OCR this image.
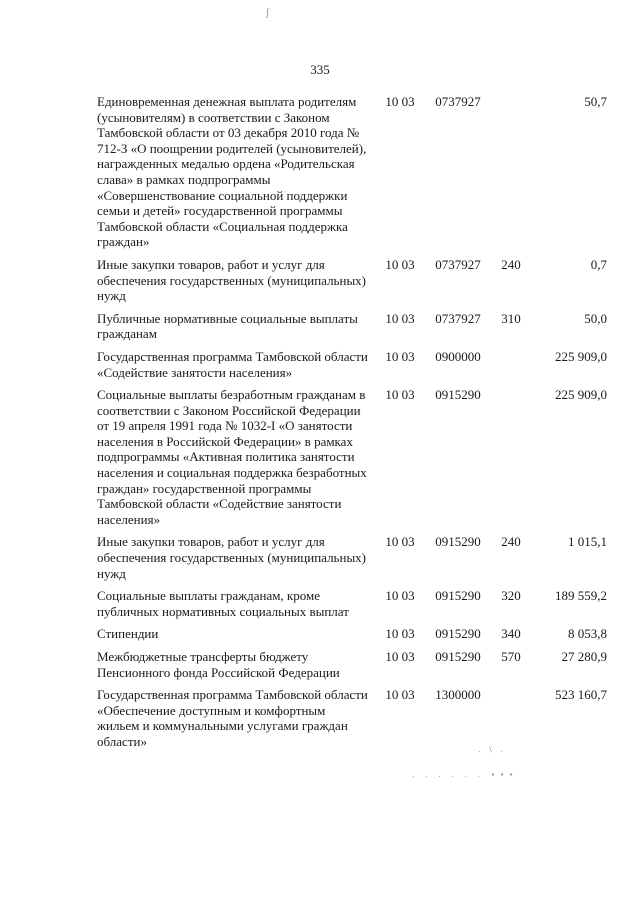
ʃ
. \ .
. . . . . . ∙∙∙

335

Единовременная денежная выплата родителям (усыновителям) в соответствии с Законом Тамбовской области от 03 декабря 2010 года № 712-З «О поощрении родителей (усыновителей), награжденных медалью ордена «Родительская слава» в рамках подпрограммы «Совершенствование социальной поддержки семьи и детей» государственной программы Тамбовской области «Социальная поддержка граждан»	10 03	0737927		50,7
Иные закупки товаров, работ и услуг для обеспечения государственных (муниципальных) нужд	10 03	0737927	240	0,7
Публичные нормативные социальные выплаты гражданам	10 03	0737927	310	50,0
Государственная программа Тамбовской области «Содействие занятости населения»	10 03	0900000		225 909,0
Социальные выплаты безработным гражданам в соответствии с Законом Российской Федерации от 19 апреля 1991 года № 1032-I «О занятости населения в Российской Федерации» в рамках подпрограммы «Активная политика занятости населения и социальная поддержка безработных граждан» государственной программы Тамбовской области «Содействие занятости населения»	10 03	0915290		225 909,0
Иные закупки товаров, работ и услуг для обеспечения государственных (муниципальных) нужд	10 03	0915290	240	1 015,1
Социальные выплаты гражданам, кроме публичных нормативных социальных выплат	10 03	0915290	320	189 559,2
Стипендии	10 03	0915290	340	8 053,8
Межбюджетные трансферты бюджету Пенсионного фонда Российской Федерации	10 03	0915290	570	27 280,9
Государственная программа Тамбовской области «Обеспечение доступным и комфортным жильем и коммунальными услугами граждан области»	10 03	1300000		523 160,7
